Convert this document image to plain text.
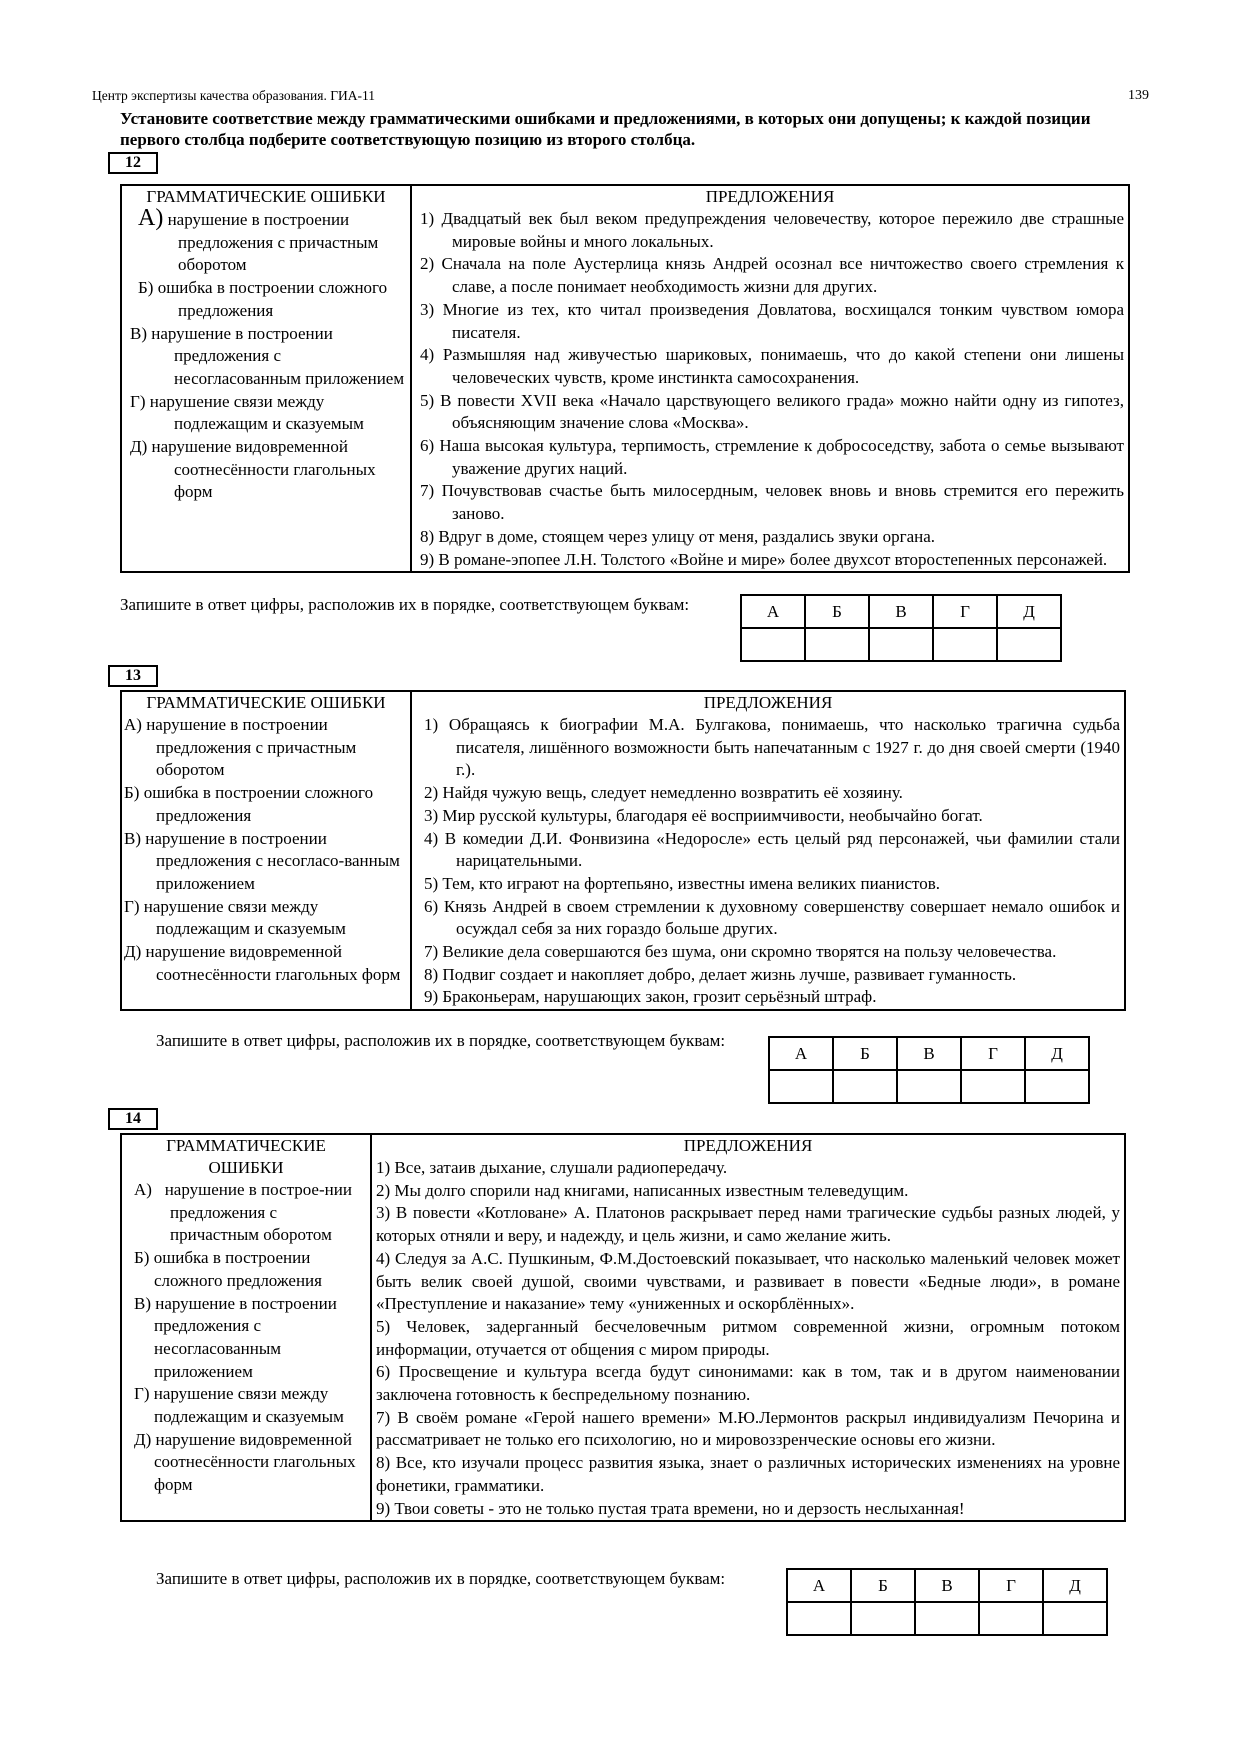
Центр экспертизы качества образования. ГИА-11	139
Установите соответствие между грамматическими ошибками и предложениями, в которых они допущены; к каждой позиции первого столбца подберите соответствующую позицию из второго столбца.
12
ГРАММАТИЧЕСКИЕ ОШИБКИ
А) нарушение в построении предложения с причастным оборотом
Б) ошибка в построении сложного предложения
В) нарушение в построении предложения с несогласованным приложением
Г) нарушение связи между подлежащим и сказуемым
Д) нарушение видовременной соотнесённости глагольных форм

ПРЕДЛОЖЕНИЯ
1) Двадцатый век был веком предупреждения человечеству, которое пережило две страшные мировые войны и много локальных.
2) Сначала на поле Аустерлица князь Андрей осознал все ничтожество своего стремления к славе, а после понимает необходимость жизни для других.
3) Многие из тех, кто читал произведения Довлатова, восхищался тонким чувством юмора писателя.
4) Размышляя над живучестью шариковых, понимаешь, что до какой степени они лишены человеческих чувств, кроме инстинкта самосохранения.
5) В повести XVII века «Начало царствующего великого града» можно найти одну из гипотез, объясняющим значение слова «Москва».
6) Наша высокая культура, терпимость, стремление к добрососедству, забота о семье вызывают уважение других наций.
7) Почувствовав счастье быть милосердным, человек вновь и вновь стремится его пережить заново.
8) Вдруг в доме, стоящем через улицу от меня, раздались звуки органа.
9) В романе-эпопее Л.Н. Толстого «Войне и мире» более двухсот второстепенных персонажей.
Запишите в ответ цифры, расположив их в порядке, соответствующем буквам:	А	Б	В	Г	Д

13
ГРАММАТИЧЕСКИЕ ОШИБКИ
А) нарушение в построении предложения с причастным оборотом
Б) ошибка в построении сложного предложения
В) нарушение в построении предложения с несогласо-ванным приложением
Г) нарушение связи между подлежащим и сказуемым
Д) нарушение видовременной соотнесённости глагольных форм

ПРЕДЛОЖЕНИЯ
1) Обращаясь к биографии М.А. Булгакова, понимаешь, что насколько трагична судьба писателя, лишённого возможности быть напечатанным с 1927 г. до дня своей смерти (1940 г.).
2) Найдя чужую вещь, следует немедленно возвратить её хозяину.
3) Мир русской культуры, благодаря её восприимчивости, необычайно богат.
4) В комедии Д.И. Фонвизина «Недоросле» есть целый ряд персонажей, чьи фамилии стали нарицательными.
5) Тем, кто играют на фортепьяно, известны имена великих пианистов.
6) Князь Андрей в своем стремлении к духовному совершенству совершает немало ошибок и осуждал себя за них гораздо больше других.
7) Великие дела совершаются без шума, они скромно творятся на пользу человечества.
8) Подвиг создает и накопляет добро, делает жизнь лучше, развивает гуманность.
9) Браконьерам, нарушающих закон, грозит серьёзный штраф.
Запишите в ответ цифры, расположив их в порядке, соответствующем буквам:
А	Б	В	Г	Д

14
ГРАММАТИЧЕСКИЕ ОШИБКИ
А) нарушение в построе-нии предложения с причастным оборотом
Б) ошибка в построении сложного предложения
В) нарушение в построении предложения с несогласованным приложением
Г) нарушение связи между подлежащим и сказуемым
Д) нарушение видовременной соотнесённости глагольных форм

ПРЕДЛОЖЕНИЯ
1) Все, затаив дыхание, слушали радиопередачу.
2) Мы долго спорили над книгами, написанных известным телеведущим.
3) В повести «Котловане» А. Платонов раскрывает перед нами трагические судьбы разных людей, у которых отняли и веру, и надежду, и цель жизни, и само желание жить.
4) Следуя за А.С. Пушкиным, Ф.М.Достоевский показывает, что насколько маленький человек может быть велик своей душой, своими чувствами, и развивает в повести «Бедные люди», в романе «Преступление и наказание» тему «униженных и оскорблённых».
5) Человек, задерганный бесчеловечным ритмом современной жизни, огромным потоком информации, отучается от общения с миром природы.
6) Просвещение и культура всегда будут синонимами: как в том, так и в другом наименовании заключена готовность к беспредельному познанию.
7) В своём романе «Герой нашего времени» М.Ю.Лермонтов раскрыл индивидуализм Печорина и рассматривает не только его психологию, но и мировоззренческие основы его жизни.
8) Все, кто изучали процесс развития языка, знает о различных исторических изменениях на уровне фонетики, грамматики.
9) Твои советы - это не только пустая трата времени, но и дерзость неслыханная!
Запишите в ответ цифры, расположив их в порядке, соответствующем буквам:	А	Б	В	Г	Д
